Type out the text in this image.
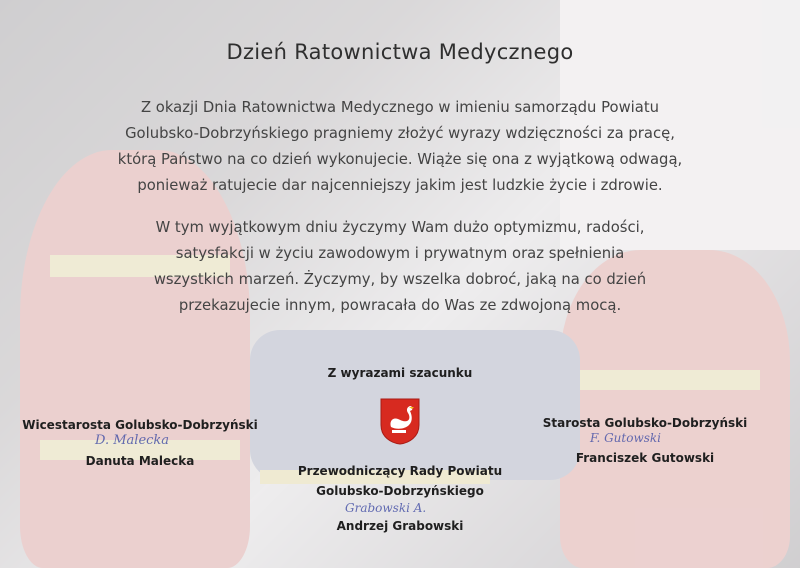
Dzień Ratownictwa Medycznego
Z okazji Dnia Ratownictwa Medycznego w imieniu samorządu Powiatu
Golubsko-Dobrzyńskiego pragniemy złożyć wyrazy wdzięczności za pracę,
którą Państwo na co dzień wykonujecie. Wiąże się ona z wyjątkową odwagą,
ponieważ ratujecie dar najcenniejszy jakim jest ludzkie życie i zdrowie.
W tym wyjątkowym dniu życzymy Wam dużo optymizmu, radości,
satysfakcji w życiu zawodowym i prywatnym oraz spełnienia
wszystkich marzeń. Życzymy, by wszelka dobroć, jaką na co dzień
przekazujecie innym, powracała do Was ze zdwojoną mocą.
Z wyrazami szacunku
Wicestarosta Golubsko-Dobrzyński
D. Malecka
Danuta Malecka
Starosta Golubsko-Dobrzyński
F. Gutowski
Franciszek Gutowski
Przewodniczący Rady Powiatu
Golubsko-Dobrzyńskiego
Grabowski A.
Andrzej Grabowski
